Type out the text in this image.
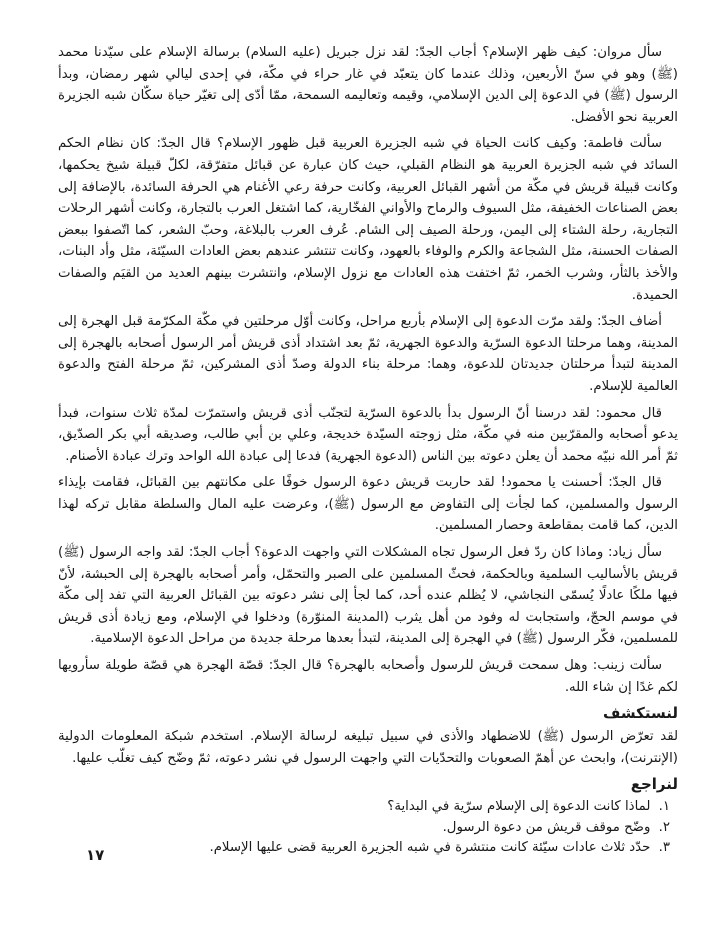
سأل مروان: كيف ظهر الإسلام؟ أجاب الجدّ: لقد نزل جبريل (عليه السلام) برسالة الإسلام على سيّدنا محمد (ﷺ) وهو في سنّ الأربعين، وذلك عندما كان يتعبّد في غار حراء في مكّة، في إحدى ليالي شهر رمضان، وبدأ الرسول (ﷺ) في الدعوة إلى الدين الإسلامي، وقيمه وتعاليمه السمحة، ممّا أدّى إلى تغيّر حياة سكّان شبه الجزيرة العربية نحو الأفضل.

سألت فاطمة: وكيف كانت الحياة في شبه الجزيرة العربية قبل ظهور الإسلام؟ قال الجدّ: كان نظام الحكم السائد في شبه الجزيرة العربية هو النظام القبلي، حيث كان عبارة عن قبائل متفرّقة، لكلّ قبيلة شيخ يحكمها، وكانت قبيلة قريش في مكّة من أشهر القبائل العربية، وكانت حرفة رعي الأغنام هي الحرفة السائدة، بالإضافة إلى بعض الصناعات الخفيفة، مثل السيوف والرماح والأواني الفخّارية، كما اشتغل العرب بالتجارة، وكانت أشهر الرحلات التجارية، رحلة الشتاء إلى اليمن، ورحلة الصيف إلى الشام. عُرف العرب بالبلاغة، وحبّ الشعر، كما اتّصفوا ببعض الصفات الحسنة، مثل الشجاعة والكرم والوفاء بالعهود، وكانت تنتشر عندهم بعض العادات السيّئة، مثل وأد البنات، والأخذ بالثأر، وشرب الخمر، ثمّ اختفت هذه العادات مع نزول الإسلام، وانتشرت بينهم العديد من القيَم والصفات الحميدة.

أضاف الجدّ: ولقد مرّت الدعوة إلى الإسلام بأربع مراحل، وكانت أوّل مرحلتين في مكّة المكرّمة قبل الهجرة إلى المدينة، وهما مرحلتا الدعوة السرّية والدعوة الجهرية، ثمّ بعد اشتداد أذى قريش أمر الرسول أصحابه بالهجرة إلى المدينة لتبدأ مرحلتان جديدتان للدعوة، وهما: مرحلة بناء الدولة وصدّ أذى المشركين، ثمّ مرحلة الفتح والدعوة العالمية للإسلام.

قال محمود: لقد درسنا أنّ الرسول بدأ بالدعوة السرّية لتجنّب أذى قريش واستمرّت لمدّة ثلاث سنوات، فبدأ يدعو أصحابه والمقرّبين منه في مكّة، مثل زوجته السيّدة خديجة، وعلي بن أبي طالب، وصديقه أبي بكر الصدّيق، ثمّ أمر الله نبيّه محمد أن يعلن دعوته بين الناس (الدعوة الجهرية) فدعا إلى عبادة الله الواحد وترك عبادة الأصنام.

قال الجدّ: أحسنت يا محمود! لقد حاربت قريش دعوة الرسول خوفًا على مكانتهم بين القبائل، فقامت بإيذاء الرسول والمسلمين، كما لجأت إلى التفاوض مع الرسول (ﷺ)، وعرضت عليه المال والسلطة مقابل تركه لهذا الدين، كما قامت بمقاطعة وحصار المسلمين.

سأل زياد: وماذا كان ردّ فعل الرسول تجاه المشكلات التي واجهت الدعوة؟ أجاب الجدّ: لقد واجه الرسول (ﷺ) قريش بالأساليب السلمية وبالحكمة، فحثّ المسلمين على الصبر والتحمّل، وأمر أصحابه بالهجرة إلى الحبشة، لأنّ فيها ملكًا عادلًا يُسمّى النجاشي، لا يُظلم عنده أحد، كما لجأ إلى نشر دعوته بين القبائل العربية التي تفد إلى مكّة في موسم الحجّ، واستجابت له وفود من أهل يثرب (المدينة المنوّرة) ودخلوا في الإسلام، ومع زيادة أذى قريش للمسلمين، فكّر الرسول (ﷺ) في الهجرة إلى المدينة، لتبدأ بعدها مرحلة جديدة من مراحل الدعوة الإسلامية.

سألت زينب: وهل سمحت قريش للرسول وأصحابه بالهجرة؟ قال الجدّ: قصّة الهجرة هي قصّة طويلة سأرويها لكم غدًا إن شاء الله.

لنستكشف

لقد تعرّض الرسول (ﷺ) للاضطهاد والأذى في سبيل تبليغه لرسالة الإسلام. استخدم شبكة المعلومات الدولية (الإنترنت)، وابحث عن أهمّ الصعوبات والتحدّيات التي واجهت الرسول في نشر دعوته، ثمّ وضّح كيف تغلّب عليها.

لنراجع
١. لماذا كانت الدعوة إلى الإسلام سرّية في البداية؟
٢. وضّح موقف قريش من دعوة الرسول.
٣. حدّد ثلاث عادات سيّئة كانت منتشرة في شبه الجزيرة العربية قضى عليها الإسلام.
١٧
